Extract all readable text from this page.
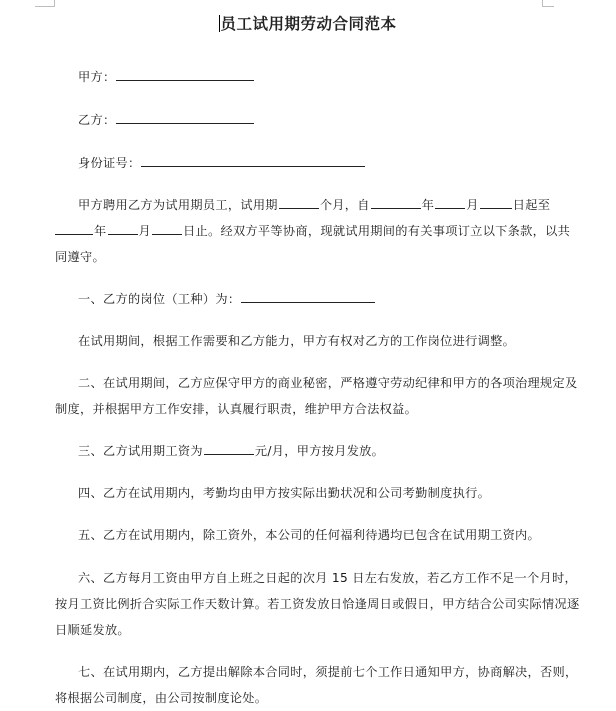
员工试用期劳动合同范本
甲方：
乙方：
身份证号：
甲方聘用乙方为试用期员工，试用期	个月，自	年	月	日起至
年	月	日止。经双方平等协商，现就试用期间的有关事项订立以下条款，以共
同遵守。
一、乙方的岗位（工种）为：
在试用期间，根据工作需要和乙方能力，甲方有权对乙方的工作岗位进行调整。
二、在试用期间，乙方应保守甲方的商业秘密，严格遵守劳动纪律和甲方的各项治理规定及
制度，并根据甲方工作安排，认真履行职责，维护甲方合法权益。
三、乙方试用期工资为	元/月，甲方按月发放。
四、乙方在试用期内，考勤均由甲方按实际出勤状况和公司考勤制度执行。
五、乙方在试用期内，除工资外，本公司的任何福利待遇均已包含在试用期工资内。
六、乙方每月工资由甲方自上班之日起的次月 15 日左右发放，若乙方工作不足一个月时，
按月工资比例折合实际工作天数计算。若工资发放日恰逢周日或假日，甲方结合公司实际情况逐
日顺延发放。
七、在试用期内，乙方提出解除本合同时，须提前七个工作日通知甲方，协商解决，否则，
将根据公司制度，由公司按制度论处。
